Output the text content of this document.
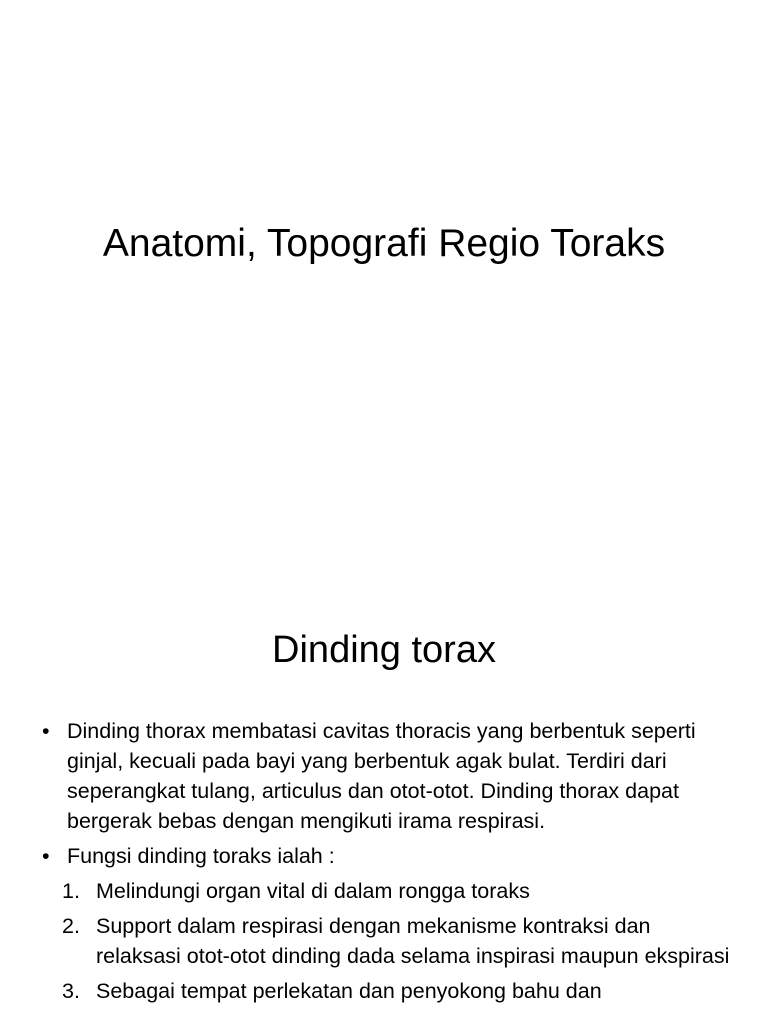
Anatomi, Topografi Regio Toraks
Dinding torax
• Dinding thorax membatasi cavitas thoracis yang berbentuk seperti ginjal, kecuali pada bayi yang berbentuk agak bulat. Terdiri dari seperangkat tulang, articulus dan otot-otot. Dinding thorax dapat bergerak bebas dengan mengikuti irama respirasi.
• Fungsi dinding toraks ialah :
1. Melindungi organ vital di dalam rongga toraks
2. Support dalam respirasi dengan mekanisme kontraksi dan relaksasi otot-otot dinding dada selama inspirasi maupun ekspirasi
3. Sebagai tempat perlekatan dan penyokong bahu dan
